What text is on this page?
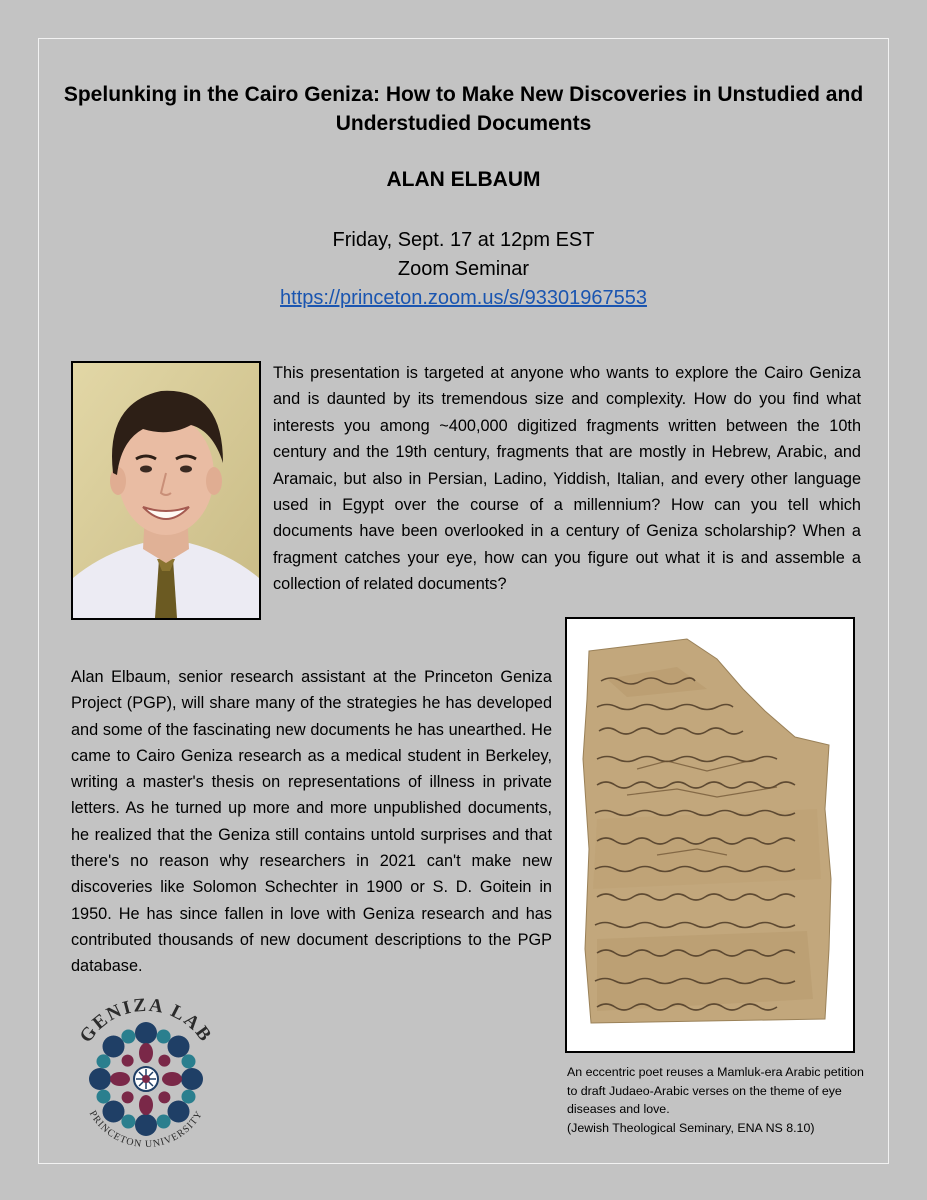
Spelunking in the Cairo Geniza: How to Make New Discoveries in Unstudied and Understudied Documents
ALAN ELBAUM
Friday, Sept. 17 at 12pm EST
Zoom Seminar
https://princeton.zoom.us/s/93301967553
This presentation is targeted at anyone who wants to explore the Cairo Geniza and is daunted by its tremendous size and complexity. How do you find what interests you among ~400,000 digitized fragments written between the 10th century and the 19th century, fragments that are mostly in Hebrew, Arabic, and Aramaic, but also in Persian, Ladino, Yiddish, Italian, and every other language used in Egypt over the course of a millennium? How can you tell which documents have been overlooked in a century of Geniza scholarship? When a fragment catches your eye, how can you figure out what it is and assemble a collection of related documents?
Alan Elbaum, senior research assistant at the Princeton Geniza Project (PGP), will share many of the strategies he has developed and some of the fascinating new documents he has unearthed. He came to Cairo Geniza research as a medical student in Berkeley, writing a master's thesis on representations of illness in private letters. As he turned up more and more unpublished documents, he realized that the Geniza still contains untold surprises and that there's no reason why researchers in 2021 can't make new discoveries like Solomon Schechter in 1900 or S. D. Goitein in 1950. He has since fallen in love with Geniza research and has contributed thousands of new document descriptions to the PGP database.
An eccentric poet reuses a Mamluk-era Arabic petition to draft Judaeo-Arabic verses on the theme of eye diseases and love.
(Jewish Theological Seminary, ENA NS 8.10)
GENIZA LAB
PRINCETON UNIVERSITY
